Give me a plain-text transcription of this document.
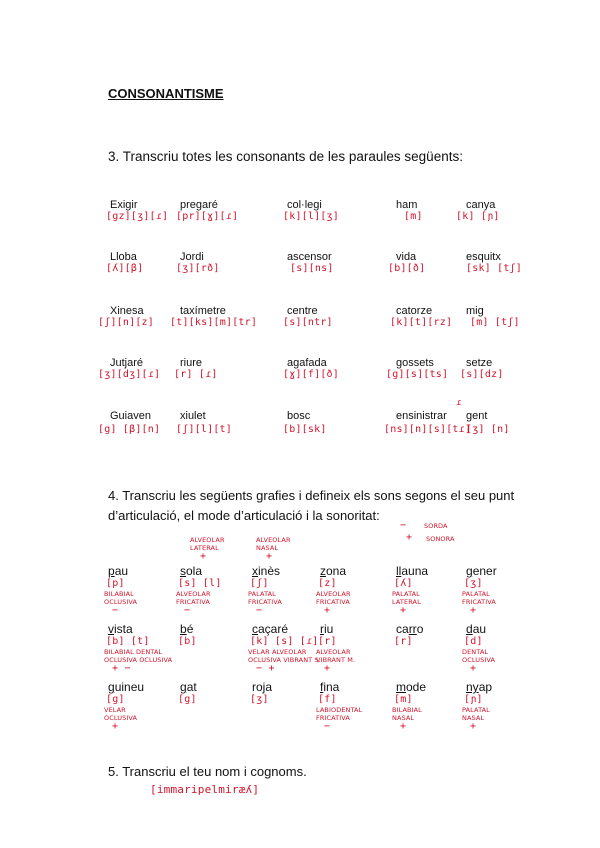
CONSONANTISME
3. Transcriu totes les consonants de les paraules següents:
Exigir
[gz][ʒ][ɾ]
pregaré
[pr][ɣ][ɾ]
col·legi
[k][l][ʒ]
ham
[m]
canya
[k] [ɲ]
Lloba
[ʎ][β]
Jordi
[ʒ][rð]
ascensor
[s][ns]
vida
[b][ð]
esquitx
[sk] [tʃ]
Xinesa
[ʃ][n][z]
taxímetre
[t][ks][m][tr]
centre
[s][ntr]
catorze
[k][t][rz]
mig
[m] [tʃ]
Jutjaré
[ʒ][dʒ][ɾ]
riure
[r] [ɾ]
agafada
[ɣ][f][ð]
gossets
[g][s][ts]
setze
[s][dz]
Guiaven
[g] [β][n]
xiulet
[ʃ][l][t]
bosc
[b][sk]
ensinistrar
[ns][n][s][tɾ]
ɾ
gent
[ʒ] [n]
4. Transcriu les següents grafies i defineix els sons segons el seu punt d’articulació, el mode d’articulació i la sonoritat:
−	SORDA
+ SONORA
ALVEOLAR
LATERAL
+
ALVEOLAR
NASAL
+
pau
[p]
BILABIAL
OCLUSIVA
−
sola
[s] [l]
ALVEOLAR
FRICATIVA
−
xinès
[ʃ]
PALATAL
FRICATIVA
−
zona
[z]
ALVEOLAR
FRICATIVA
+
llauna
[ʎ]
PALATAL
LATERAL
+
gener
[ʒ]
PALATAL
FRICATIVA
+
vista
[b] [t]
BILABIAL DENTAL
OCLUSIVA OCLUSIVA
+ −
bé
[b]
caçaré
[k] [s] [ɾ]
VELAR ALVEOLAR
OCLUSIVA VIBRANT S.
− +
riu
[r]
ALVEOLAR
VIBRANT M.
+
carro
[r]
dau
[d]
DENTAL
OCLUSIVA
+
guineu
[g]
VELAR
OCLUSIVA
+
gat
[g]
roja
[ʒ]
fina
[f]
LABIODENTAL
FRICATIVA
−
mode
[m]
BILABIAL
NASAL
+
nyap
[ɲ]
PALATAL
NASAL
+
5. Transcriu el teu nom i cognoms.
[immaripelmiræʎ]
